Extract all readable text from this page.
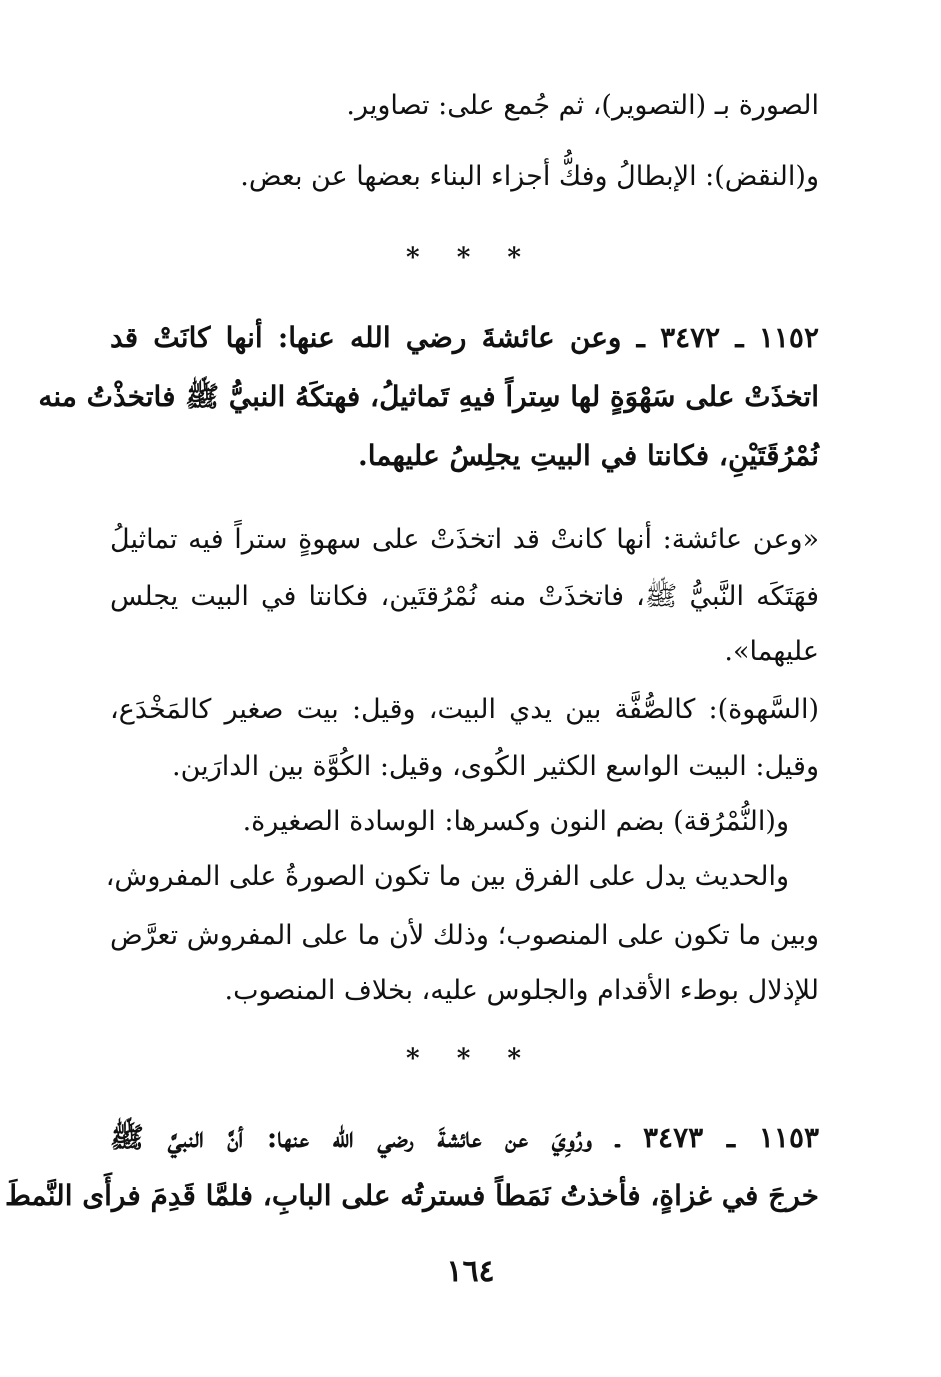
الصورة بـ (التصوير)، ثم جُمع على: تصاوير.
و(النقض): الإبطالُ وفكُّ أجزاء البناء بعضها عن بعض.
* * *
١١٥٢ ـ ٣٤٧٢ ـ وعن عائشةَ رضي الله عنها: أنها كانَتْ قد
اتخذَتْ على سَهْوَةٍ لها سِتراً فيهِ تَماثيلُ، فهتكَهُ النبيُّ ﷺ فاتخذْتُ منه
نُمْرُقَتَيْنِ، فكانتا في البيتِ يجلِسُ عليهما.
«وعن عائشة: أنها كانتْ قد اتخذَتْ على سهوةٍ ستراً فيه تماثيلُ
فهَتَكَه النَّبيُّ ﷺ، فاتخذَتْ منه نُمْرُقتَين، فكانتا في البيت يجلس
عليهما».
(السَّهوة): كالصُّفَّة بين يدي البيت، وقيل: بيت صغير كالمَخْدَع،
وقيل: البيت الواسع الكثير الكُوى، وقيل: الكُوَّة بين الدارَين.
و(النُّمْرُقة) بضم النون وكسرها: الوسادة الصغيرة.
والحديث يدل على الفرق بين ما تكون الصورةُ على المفروش،
وبين ما تكون على المنصوب؛ وذلك لأن ما على المفروش تعرَّض
للإذلال بوطء الأقدام والجلوس عليه، بخلاف المنصوب.
* * *
١١٥٣ ـ ٣٤٧٣ ـ ورُوِيَ عن عائشةَ رضي الله عنها: أنَّ النبيَّ ﷺ
خرجَ في غزاةٍ، فأخذتُ نَمَطاً فسترتُه على البابِ، فلمَّا قَدِمَ فرأَى النَّمطَ
١٦٤
